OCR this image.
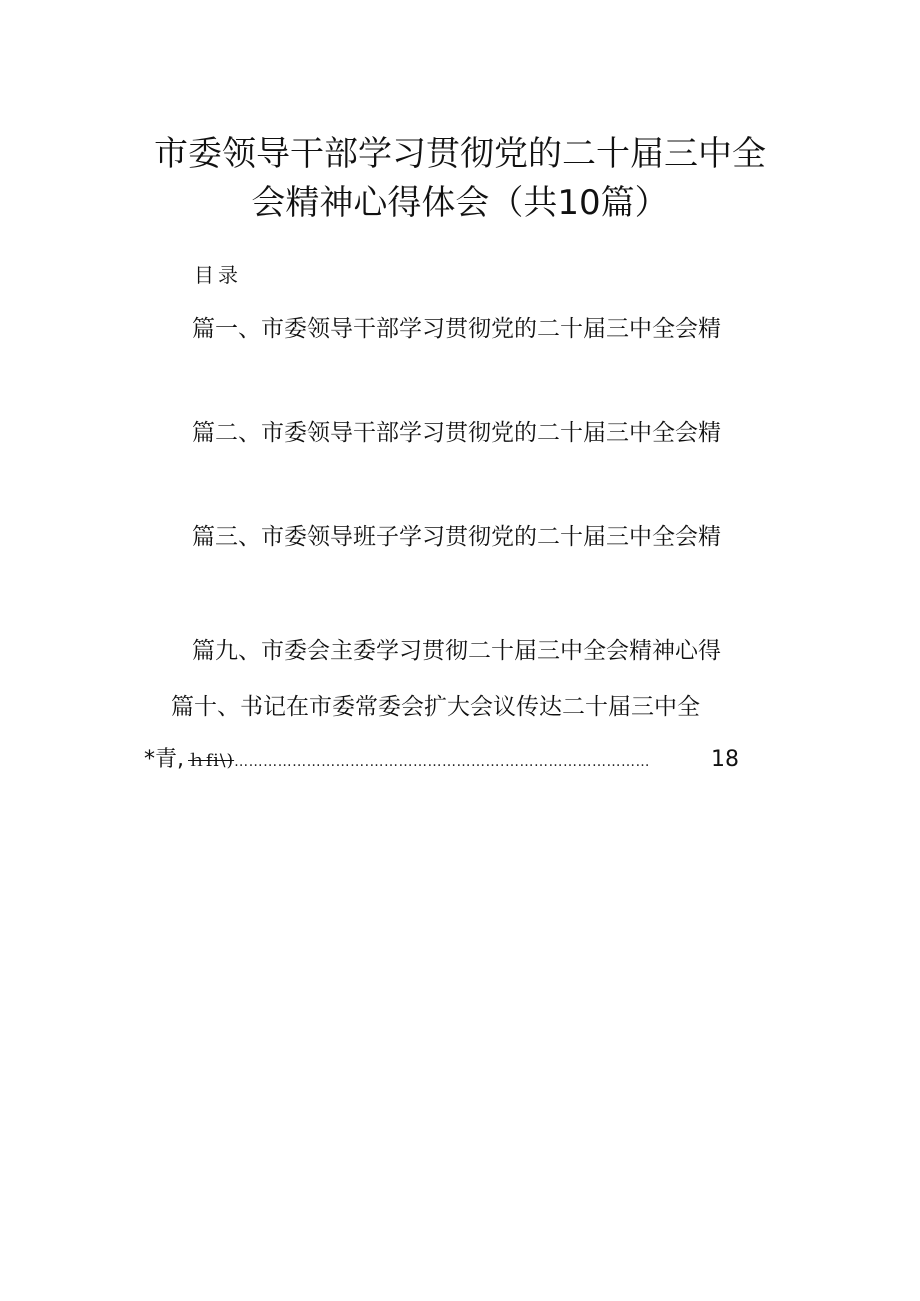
市委领导干部学习贯彻党的二十届三中全
会精神心得体会（共10篇）
目录
篇一、市委领导干部学习贯彻党的二十届三中全会精
篇二、市委领导干部学习贯彻党的二十届三中全会精
篇三、市委领导班子学习贯彻党的二十届三中全会精
篇九、市委会主委学习贯彻二十届三中全会精神心得
篇十、书记在市委常委会扩大会议传达二十届三中全
*青, ｈfi\) ……………………….……………………….…………………………	18
